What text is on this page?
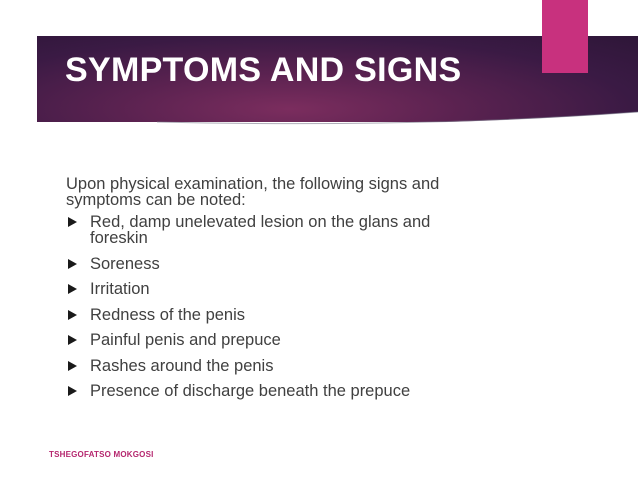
SYMPTOMS AND SIGNS

Upon physical examination, the following signs and symptoms can be noted:

Red, damp unelevated lesion on the glans and foreskin
Soreness
Irritation
Redness of the penis
Painful penis and prepuce
Rashes around the penis
Presence of discharge beneath the prepuce
TSHEGOFATSO MOKGOSI
